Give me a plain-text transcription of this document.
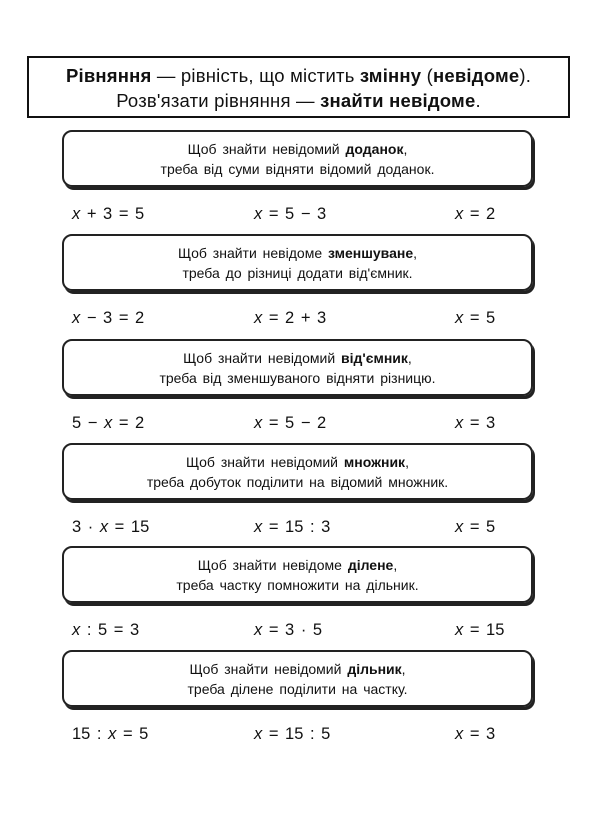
Рівняння — рівність, що містить змінну (невідоме).
Розв'язати рівняння — знайти невідоме.
Щоб знайти невідомий доданок,
треба від суми відняти відомий доданок.
x + 3 = 5	x = 5 − 3	x = 2
Щоб знайти невідоме зменшуване,
треба до різниці додати від'ємник.
x − 3 = 2	x = 2 + 3	x = 5
Щоб знайти невідомий від'ємник,
треба від зменшуваного відняти різницю.
5 − x = 2	x = 5 − 2	x = 3
Щоб знайти невідомий множник,
треба добуток поділити на відомий множник.
3 · x = 15	x = 15 : 3	x = 5
Щоб знайти невідоме ділене,
треба частку помножити на дільник.
x : 5 = 3	x = 3 · 5	x = 15
Щоб знайти невідомий дільник,
треба ділене поділити на частку.
15 : x = 5	x = 15 : 5	x = 3
